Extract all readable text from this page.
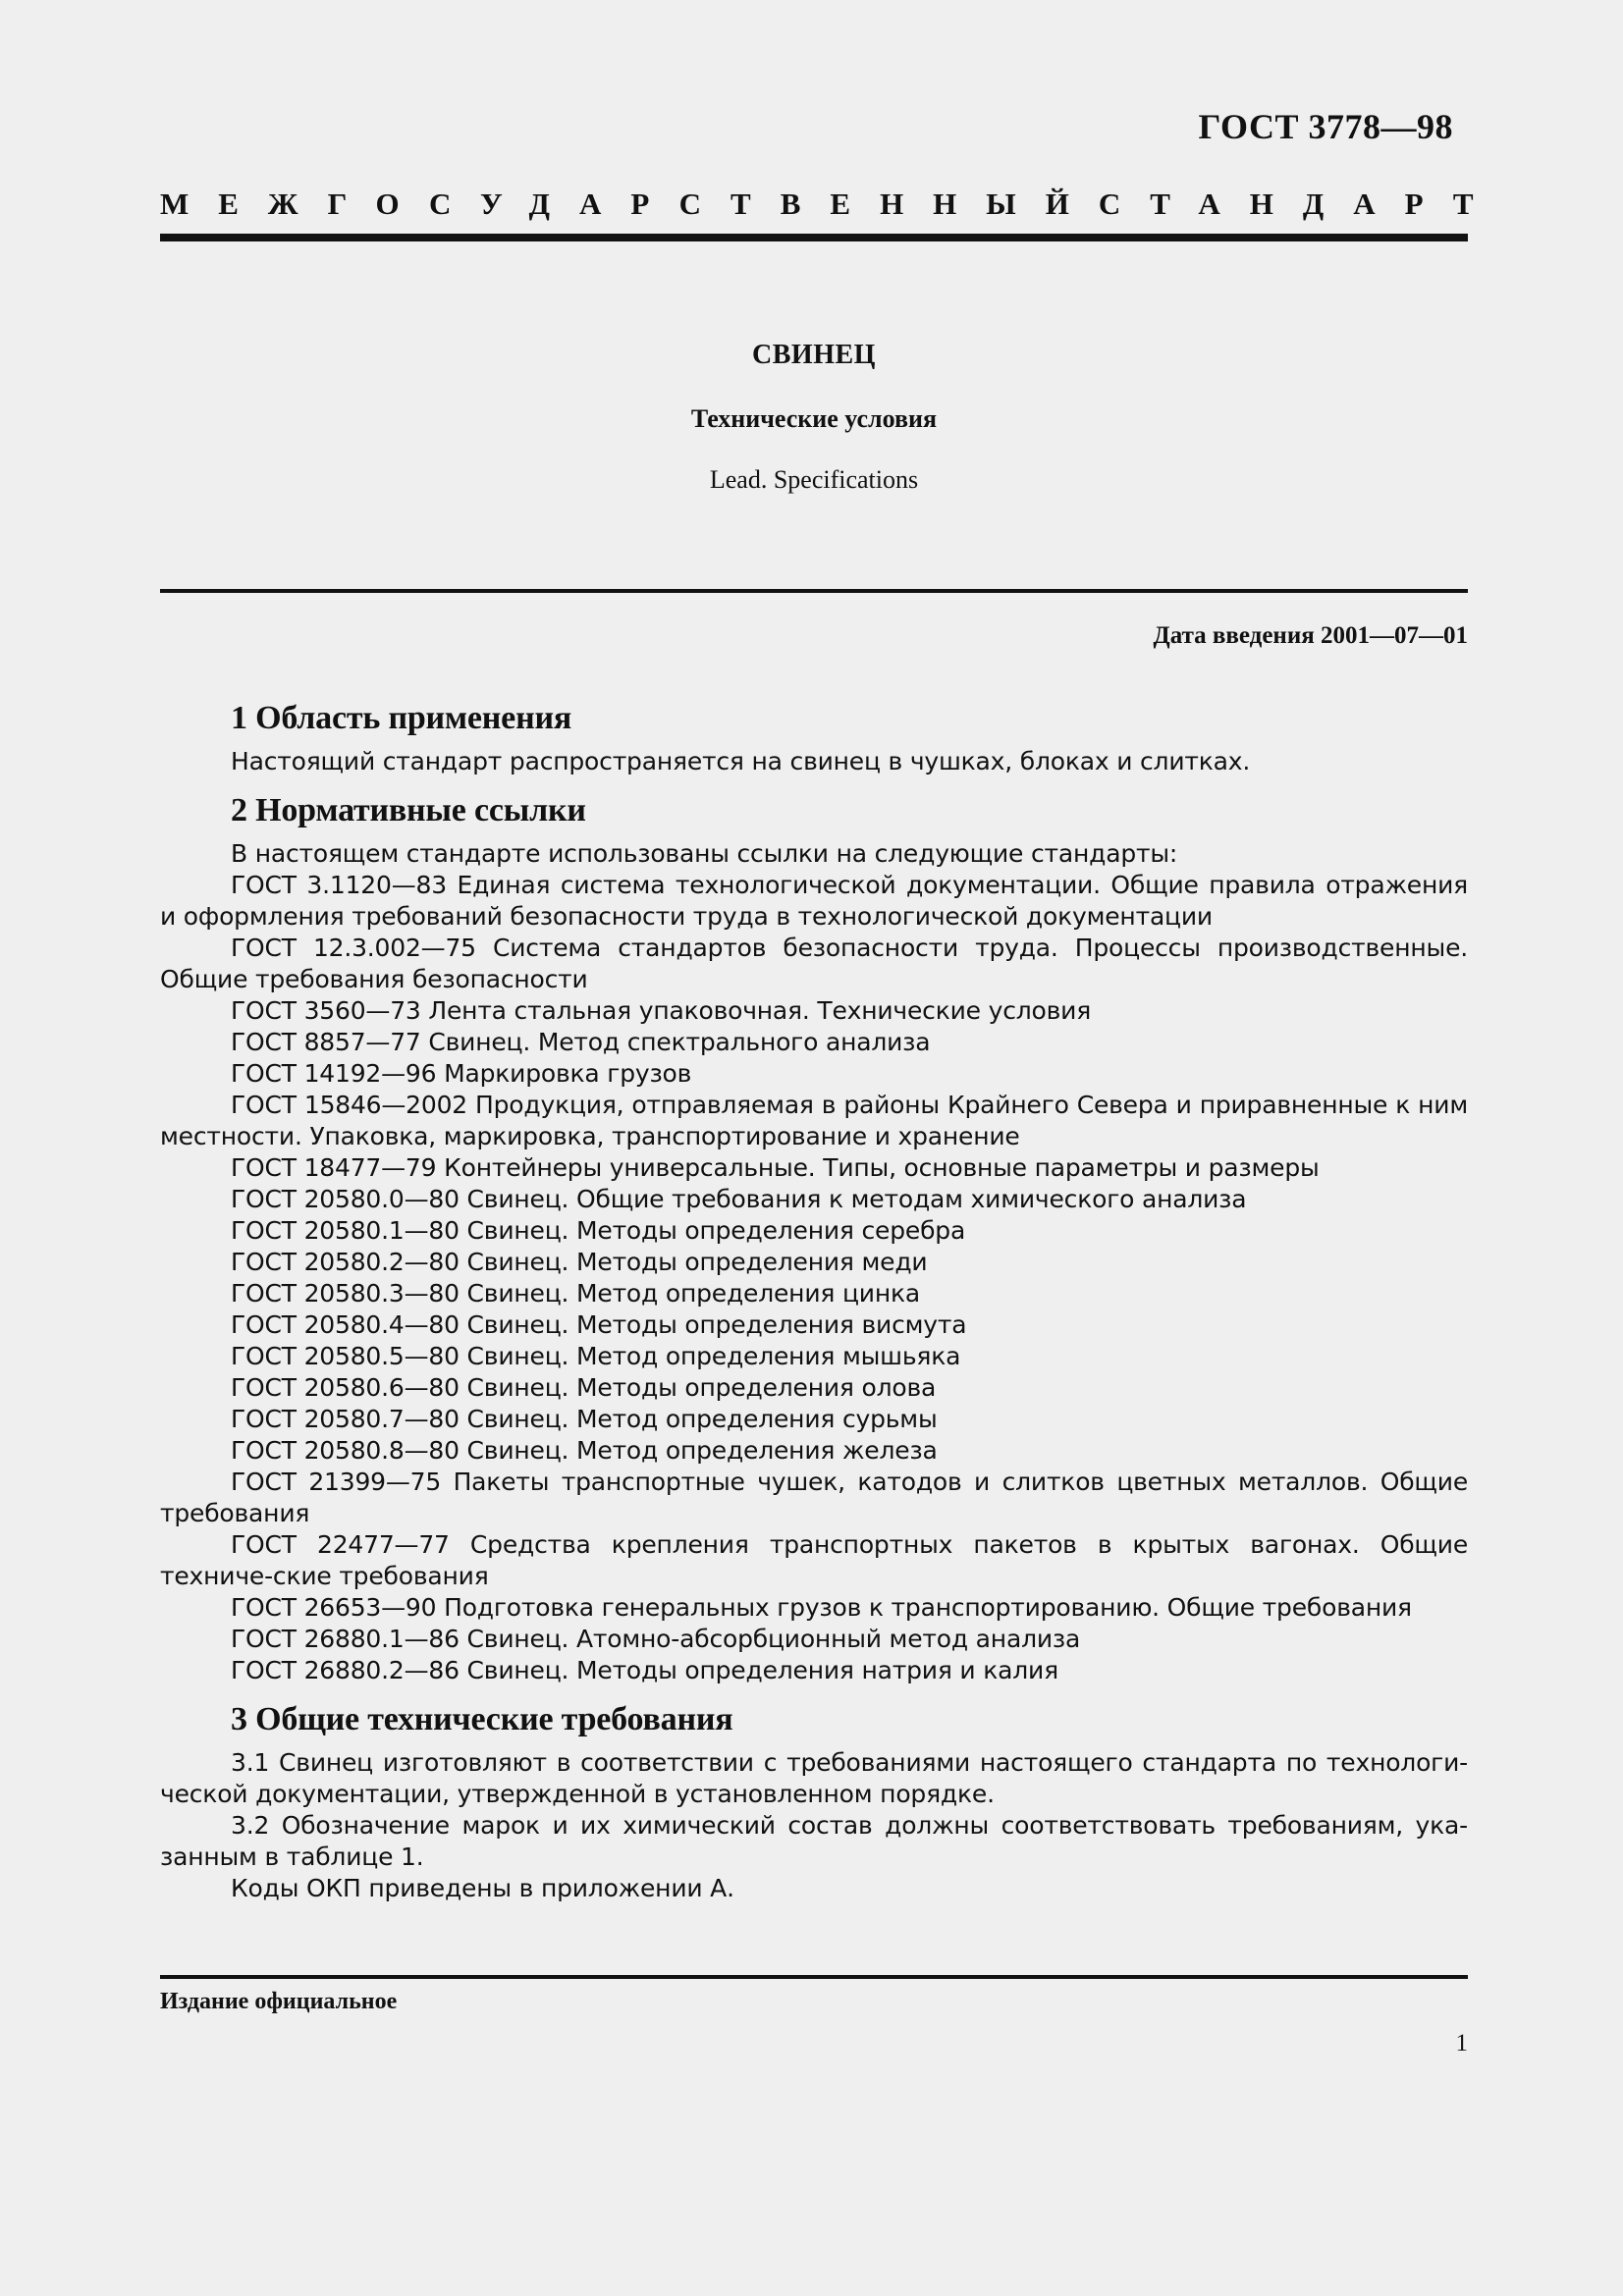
ГОСТ 3778—98
МЕЖГОСУДАРСТВЕННЫЙ СТАНДАРТ
СВИНЕЦ
Технические условия
Lead. Specifications
Дата введения 2001—07—01
1 Область применения

Настоящий стандарт распространяется на свинец в чушках, блоках и слитках.

2 Нормативные ссылки

В настоящем стандарте использованы ссылки на следующие стандарты:

ГОСТ 3.1120—83 Единая система технологической документации. Общие правила отражения и оформления требований безопасности труда в технологической документации

ГОСТ 12.3.002—75 Система стандартов безопасности труда. Процессы производственные. Общие требования безопасности

ГОСТ 3560—73 Лента стальная упаковочная. Технические условия

ГОСТ 8857—77 Свинец. Метод спектрального анализа

ГОСТ 14192—96 Маркировка грузов

ГОСТ 15846—2002 Продукция, отправляемая в районы Крайнего Севера и приравненные к ним местности. Упаковка, маркировка, транспортирование и хранение

ГОСТ 18477—79 Контейнеры универсальные. Типы, основные параметры и размеры

ГОСТ 20580.0—80 Свинец. Общие требования к методам химического анализа

ГОСТ 20580.1—80 Свинец. Методы определения серебра

ГОСТ 20580.2—80 Свинец. Методы определения меди

ГОСТ 20580.3—80 Свинец. Метод определения цинка

ГОСТ 20580.4—80 Свинец. Методы определения висмута

ГОСТ 20580.5—80 Свинец. Метод определения мышьяка

ГОСТ 20580.6—80 Свинец. Методы определения олова

ГОСТ 20580.7—80 Свинец. Метод определения сурьмы

ГОСТ 20580.8—80 Свинец. Метод определения железа

ГОСТ 21399—75 Пакеты транспортные чушек, катодов и слитков цветных металлов. Общие требования

ГОСТ 22477—77 Средства крепления транспортных пакетов в крытых вагонах. Общие техниче-ские требования

ГОСТ 26653—90 Подготовка генеральных грузов к транспортированию. Общие требования

ГОСТ 26880.1—86 Свинец. Атомно-абсорбционный метод анализа

ГОСТ 26880.2—86 Свинец. Методы определения натрия и калия

3 Общие технические требования

3.1 Свинец изготовляют в соответствии с требованиями настоящего стандарта по технологи-ческой документации, утвержденной в установленном порядке.

3.2 Обозначение марок и их химический состав должны соответствовать требованиям, ука-занным в таблице 1.

Коды ОКП приведены в приложении А.

Издание официальное
1
